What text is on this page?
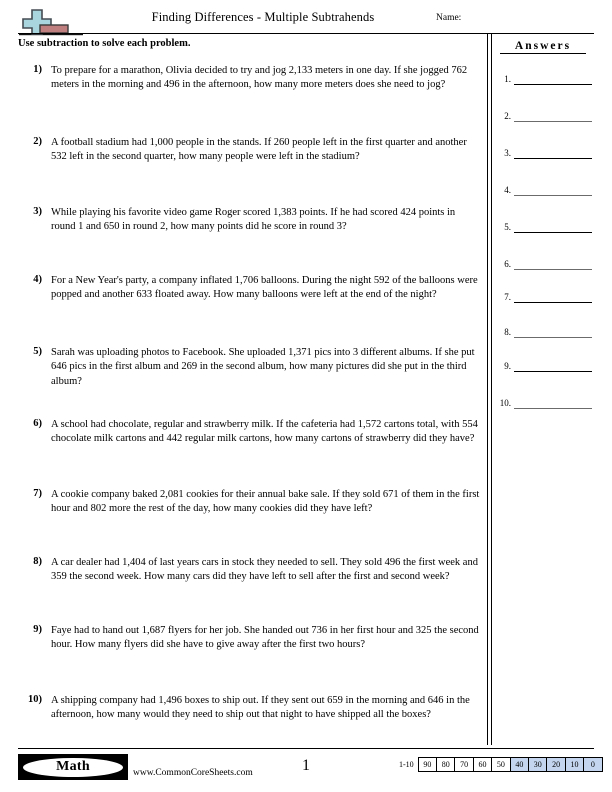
Finding Differences - Multiple Subtrahends	Name:
Use subtraction to solve each problem.
1) To prepare for a marathon, Olivia decided to try and jog 2,133 meters in one day. If she jogged 762 meters in the morning and 496 in the afternoon, how many more meters does she need to jog?
2) A football stadium had 1,000 people in the stands. If 260 people left in the first quarter and another 532 left in the second quarter, how many people were left in the stadium?
3) While playing his favorite video game Roger scored 1,383 points. If he had scored 424 points in round 1 and 650 in round 2, how many points did he score in round 3?
4) For a New Year's party, a company inflated 1,706 balloons. During the night 592 of the balloons were popped and another 633 floated away. How many balloons were left at the end of the night?
5) Sarah was uploading photos to Facebook. She uploaded 1,371 pics into 3 different albums. If she put 646 pics in the first album and 269 in the second album, how many pictures did she put in the third album?
6) A school had chocolate, regular and strawberry milk. If the cafeteria had 1,572 cartons total, with 554 chocolate milk cartons and 442 regular milk cartons, how many cartons of strawberry did they have?
7) A cookie company baked 2,081 cookies for their annual bake sale. If they sold 671 of them in the first hour and 802 more the rest of the day, how many cookies did they have left?
8) A car dealer had 1,404 of last years cars in stock they needed to sell. They sold 496 the first week and 359 the second week. How many cars did they have left to sell after the first and second week?
9) Faye had to hand out 1,687 flyers for her job. She handed out 736 in her first hour and 325 the second hour. How many flyers did she have to give away after the first two hours?
10) A shipping company had 1,496 boxes to ship out. If they sent out 659 in the morning and 646 in the afternoon, how many would they need to ship out that night to have shipped all the boxes?
Answers
1.
2.
3.
4.
5.
6.
7.
8.
9.
10.
Math	www.CommonCoreSheets.com	1	1-10	90	80	70	60	50	40	30	20	10	0
